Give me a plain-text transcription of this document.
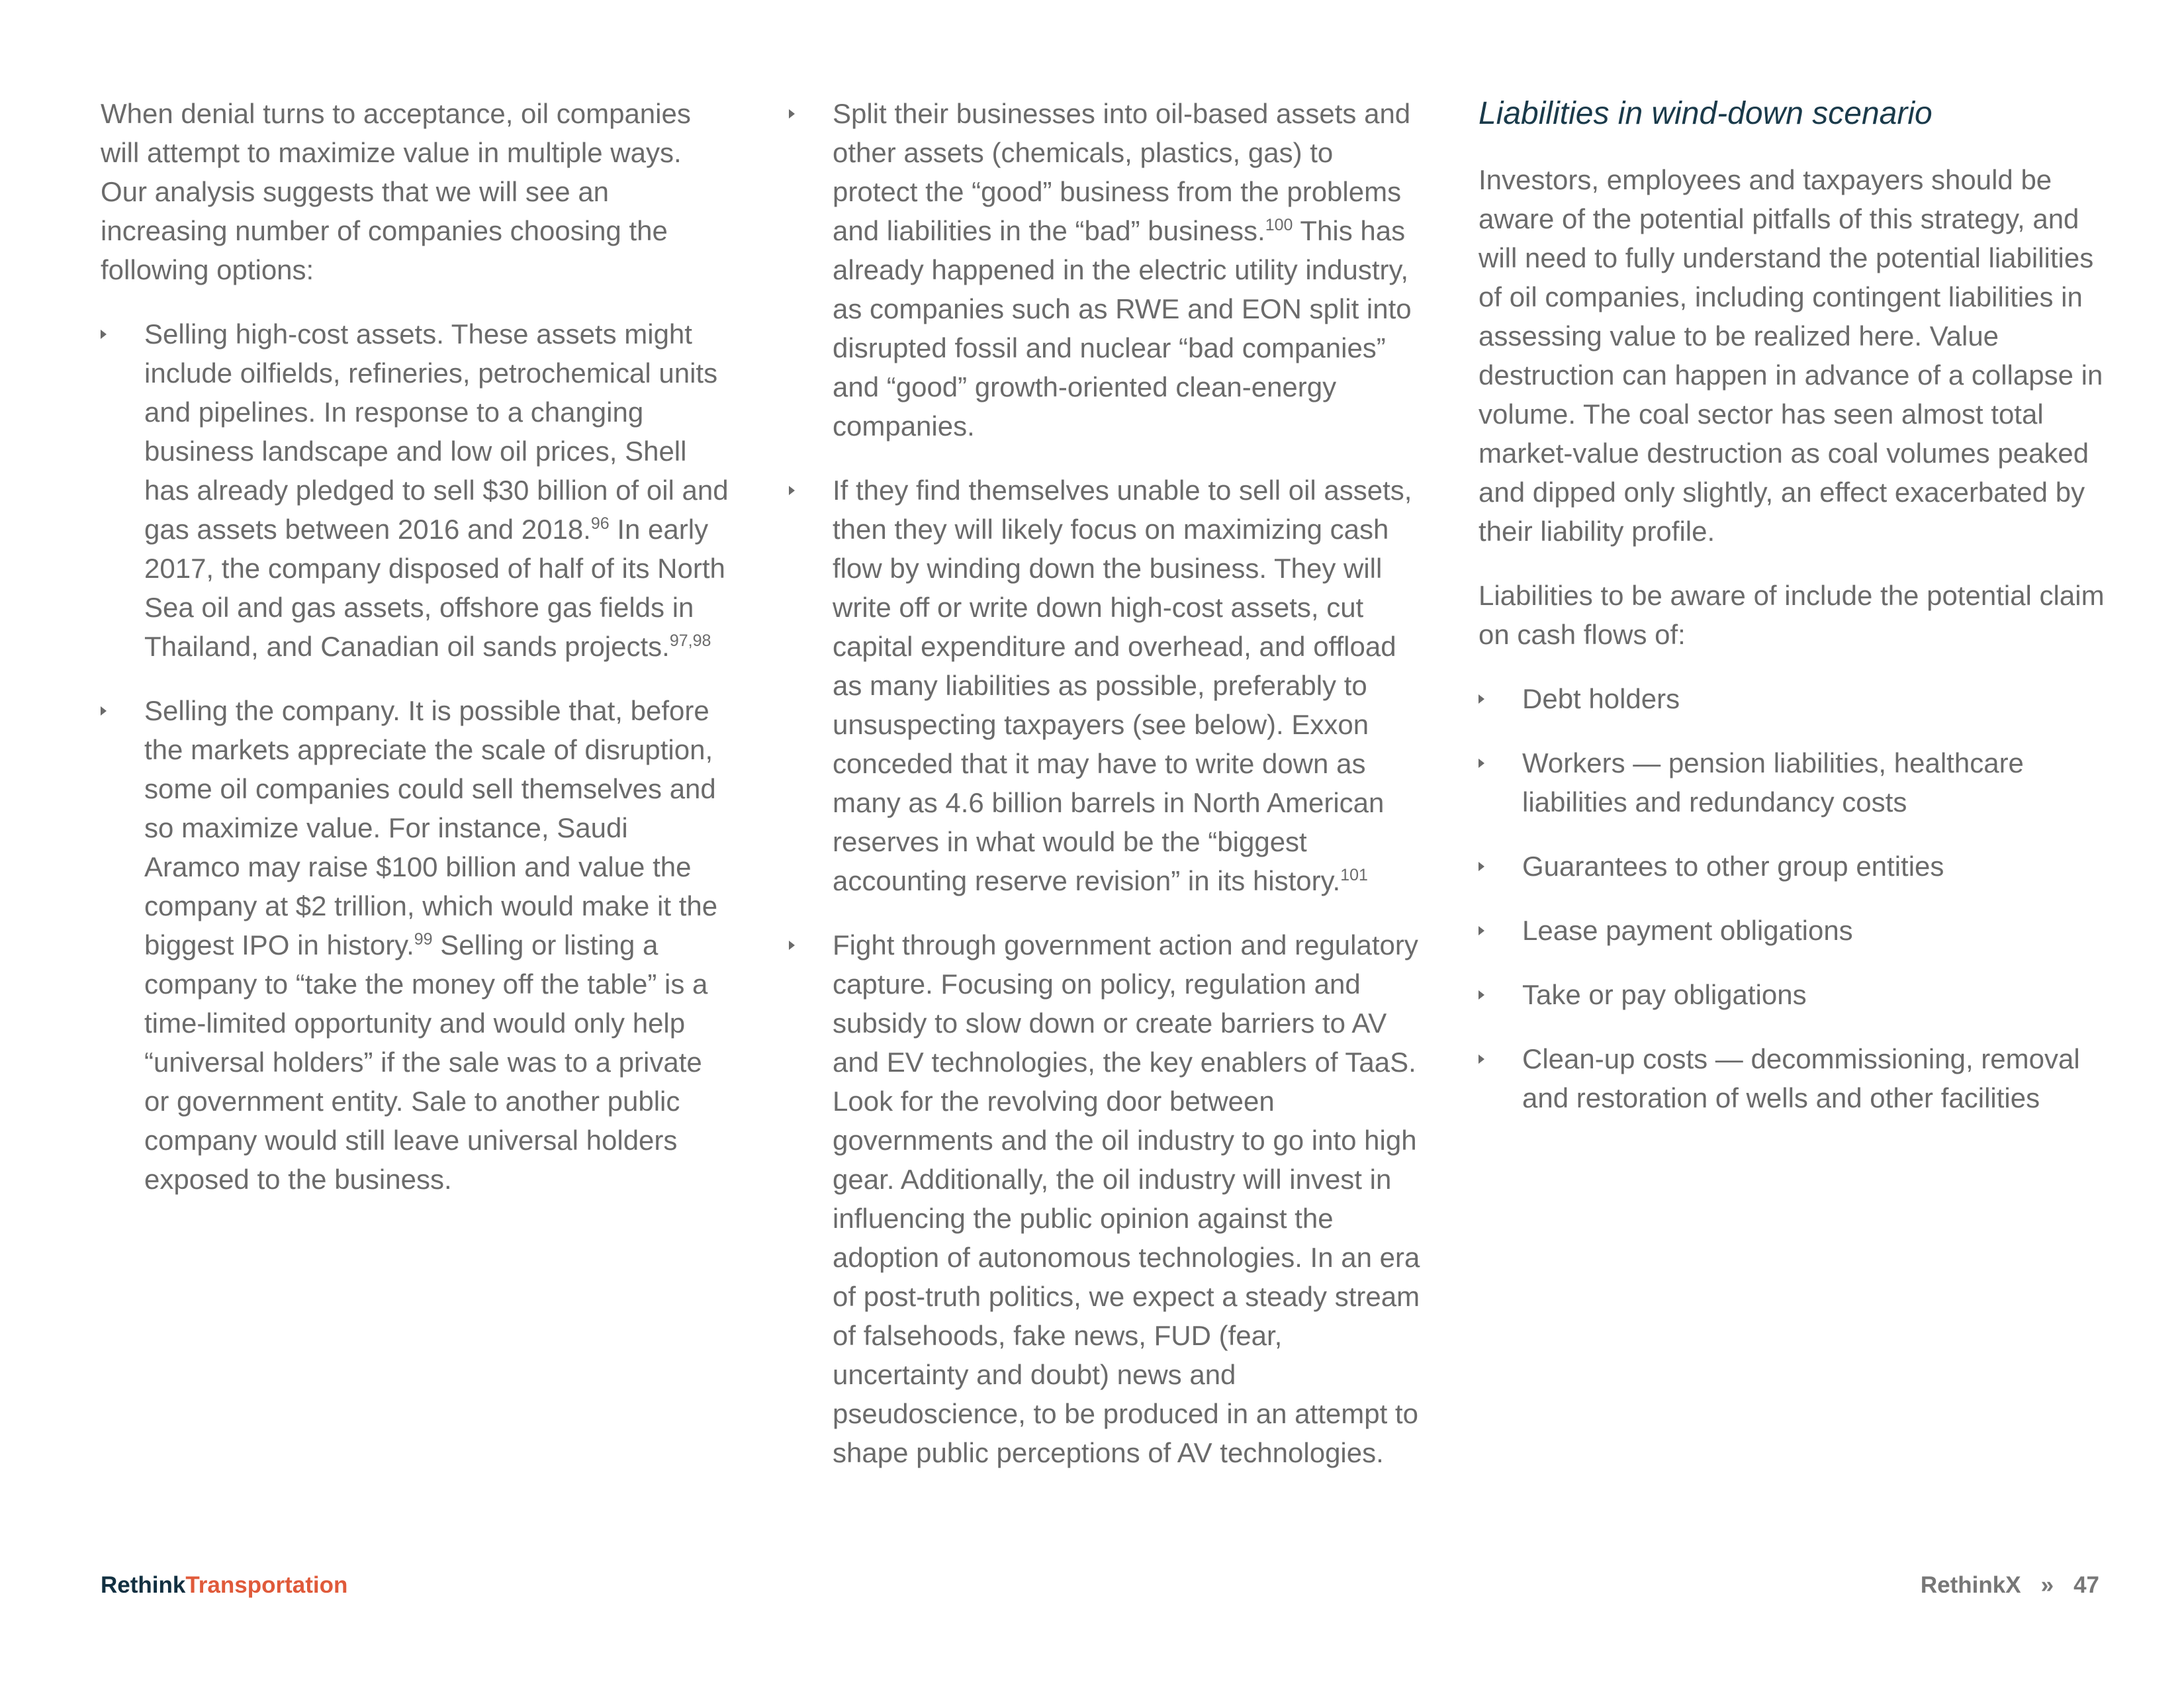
When denial turns to acceptance, oil companies will attempt to maximize value in multiple ways. Our analysis suggests that we will see an increasing number of companies choosing the following options:

Selling high-cost assets. These assets might include oilfields, refineries, petrochemical units and pipelines. In response to a changing business landscape and low oil prices, Shell has already pledged to sell $30 billion of oil and gas assets between 2016 and 2018.96 In early 2017, the company disposed of half of its North Sea oil and gas assets, offshore gas fields in Thailand, and Canadian oil sands projects.$^{97,98}$
Selling the company. It is possible that, before the markets appreciate the scale of disruption, some oil companies could sell themselves and so maximize value. For instance, Saudi Aramco may raise $100 billion and value the company at $2 trillion, which would make it the biggest IPO in history.$^{99}$ Selling or listing a company to “take the money off the table” is a time-limited opportunity and would only help “universal holders” if the sale was to a private or government entity. Sale to another public company would still leave universal holders exposed to the business.
Split their businesses into oil-based assets and other assets (chemicals, plastics, gas) to protect the “good” business from the problems and liabilities in the “bad” business.$^{100}$ This has already happened in the electric utility industry, as companies such as RWE and EON split into disrupted fossil and nuclear “bad companies” and “good” growth-oriented clean-energy companies.
If they find themselves unable to sell oil assets, then they will likely focus on maximizing cash flow by winding down the business. They will write off or write down high-cost assets, cut capital expenditure and overhead, and offload as many liabilities as possible, preferably to unsuspecting taxpayers (see below). Exxon conceded that it may have to write down as many as 4.6 billion barrels in North American reserves in what would be the “biggest accounting reserve revision” in its history.$^{101}$
Fight through government action and regulatory capture. Focusing on policy, regulation and subsidy to slow down or create barriers to AV and EV technologies, the key enablers of TaaS. Look for the revolving door between governments and the oil industry to go into high gear. Additionally, the oil industry will invest in influencing the public opinion against the adoption of autonomous technologies. In an era of post-truth politics, we expect a steady stream of falsehoods, fake news, FUD (fear, uncertainty and doubt) news and pseudoscience, to be produced in an attempt to shape public perceptions of AV technologies.
Liabilities in wind-down scenario

Investors, employees and taxpayers should be aware of the potential pitfalls of this strategy, and will need to fully understand the potential liabilities of oil companies, including contingent liabilities in assessing value to be realized here. Value destruction can happen in advance of a collapse in volume. The coal sector has seen almost total market-value destruction as coal volumes peaked and dipped only slightly, an effect exacerbated by their liability profile.

Liabilities to be aware of include the potential claim on cash flows of:

Debt holders
Workers — pension liabilities, healthcare liabilities and redundancy costs
Guarantees to other group entities
Lease payment obligations
Take or pay obligations
Clean-up costs — decommissioning, removal and restoration of wells and other facilities
RethinkTransportation	RethinkX » 47
